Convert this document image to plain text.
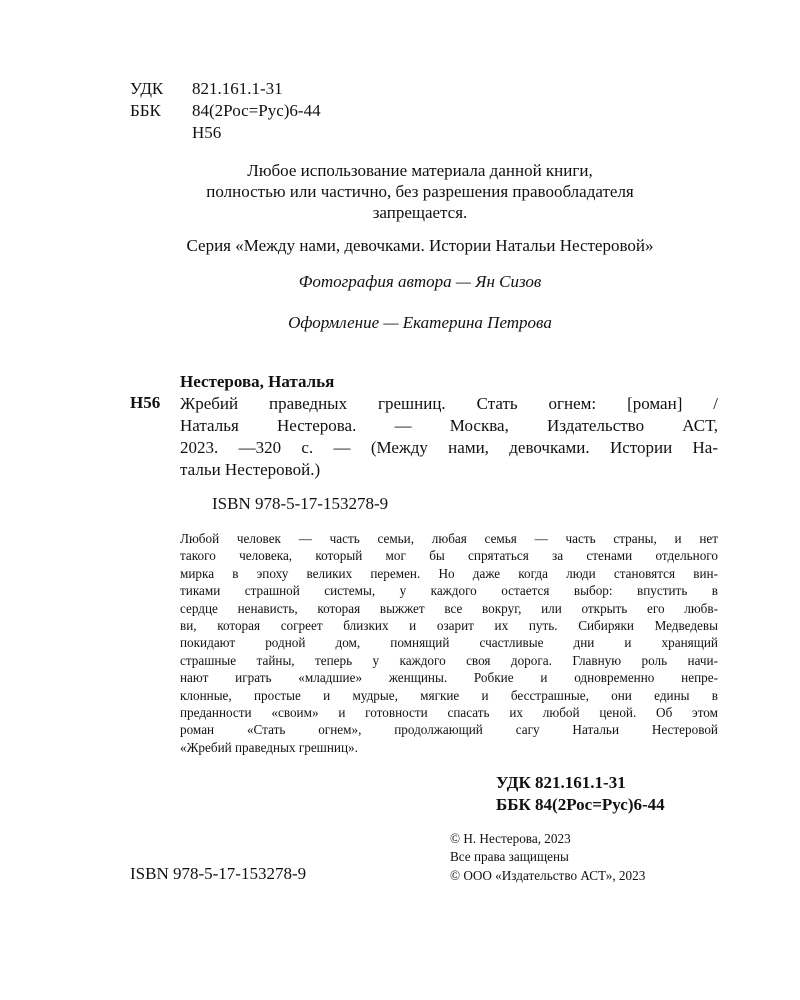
УДК 821.161.1-31
ББК 84(2Рос=Рус)6-44
Н56
Любое использование материала данной книги,
полностью или частично, без разрешения правообладателя
запрещается.
Серия «Между нами, девочками. Истории Натальи Нестеровой»
Фотография автора — Ян Сизов
Оформление — Екатерина Петрова
Нестерова, Наталья
Н56 Жребий праведных грешниц. Стать огнем: [роман] /
Наталья Нестерова. — Москва, Издательство АСТ,
2023. —320 с. — (Между нами, девочками. Истории На-
тальи Нестеровой.)
ISBN 978-5-17-153278-9
Любой человек — часть семьи, любая семья — часть страны, и нет
такого человека, который мог бы спрятаться за стенами отдельного
мирка в эпоху великих перемен. Но даже когда люди становятся вин-
тиками страшной системы, у каждого остается выбор: впустить в
сердце ненависть, которая выжжет все вокруг, или открыть его любв-
ви, которая согреет близких и озарит их путь. Сибиряки Медведевы
покидают родной дом, помнящий счастливые дни и хранящий
страшные тайны, теперь у каждого своя дорога. Главную роль начи-
нают играть «младшие» женщины. Робкие и одновременно непре-
клонные, простые и мудрые, мягкие и бесстрашные, они едины в
преданности «своим» и готовности спасать их любой ценой. Об этом
роман «Стать огнем», продолжающий сагу Натальи Нестеровой
«Жребий праведных грешниц».
УДК 821.161.1-31
ББК 84(2Рос=Рус)6-44
© Н. Нестерова, 2023
Все права защищены
© ООО «Издательство АСТ», 2023
ISBN 978-5-17-153278-9
